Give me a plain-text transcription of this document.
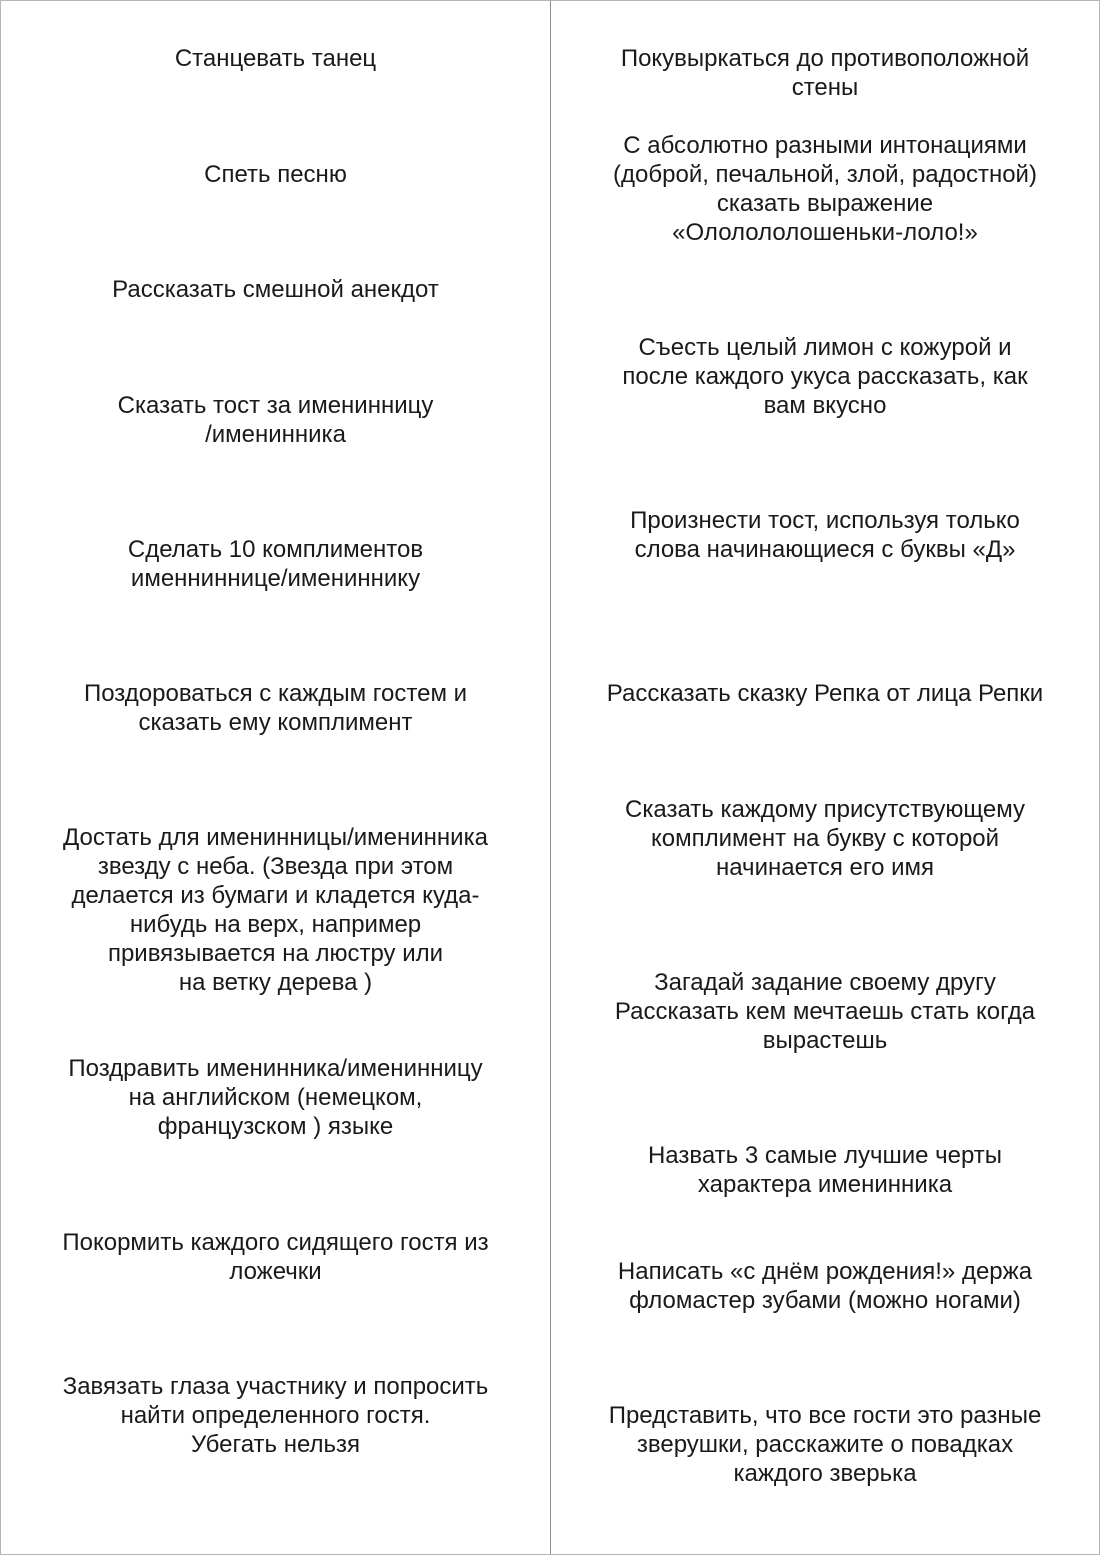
Станцевать танец

Спеть песню

Рассказать смешной анекдот

Сказать тост за именинницу
/именинника

Сделать 10 комплиментов
именниннице/имениннику

Поздороваться с каждым гостем и
сказать ему комплимент

Достать для именинницы/именинника
звезду с неба. (Звезда при этом
делается из бумаги и кладется куда-
нибудь на верх, например
привязывается на люстру или
на ветку дерева )

Поздравить именинника/именинницу
на английском (немецком,
французском ) языке

Покормить каждого сидящего гостя из
ложечки

Завязать глаза участнику и попросить
найти определенного гостя.
Убегать нельзя

Покувыркаться до противоположной
стены

С абсолютно разными интонациями
(доброй, печальной, злой, радостной)
сказать выражение
«Ололололошеньки-лоло!»

Съесть целый лимон с кожурой и
после каждого укуса рассказать, как
вам вкусно

Произнести тост, используя только
слова начинающиеся с буквы «Д»

Рассказать сказку Репка от лица Репки

Сказать каждому присутствующему
комплимент на букву с которой
начинается его имя

Загадай задание своему другу
Рассказать кем мечтаешь стать когда
вырастешь

Назвать 3 самые лучшие черты
характера именинника

Написать «с днём рождения!» держа
фломастер зубами (можно ногами)

Представить, что все гости это разные
зверушки, расскажите о повадках
каждого зверька
